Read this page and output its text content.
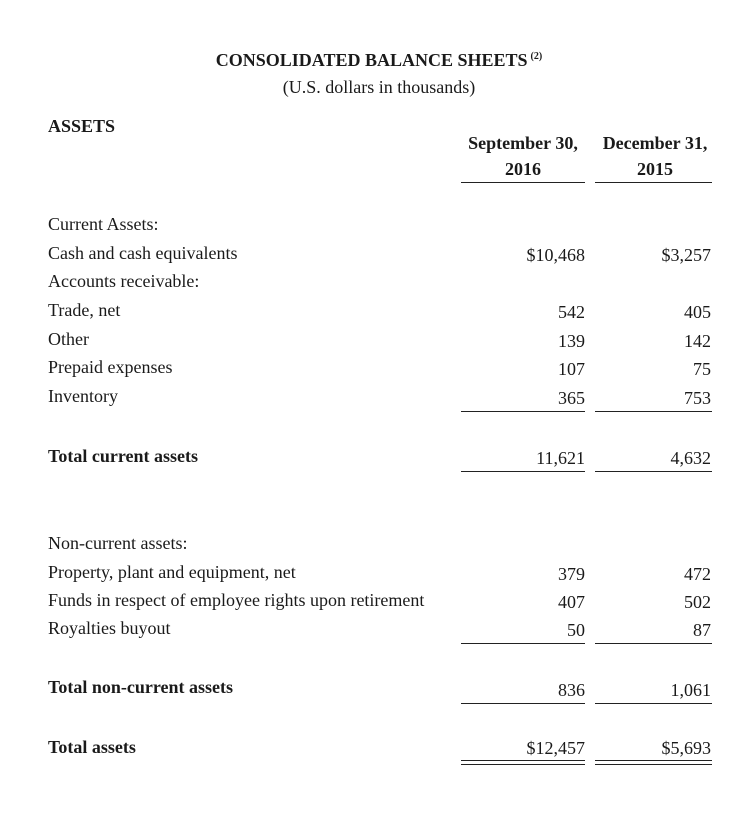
CONSOLIDATED BALANCE SHEETS $^{(2)}$
(U.S. dollars in thousands)
ASSETS
September 30,
2016
December 31,
2015
Current Assets:
Cash and cash equivalents	$10,468	$3,257
Accounts receivable:
Trade, net	542	405
Other	139	142
Prepaid expenses	107	75
Inventory	365	753
Total current assets	11,621	4,632
Non-current assets:
Property, plant and equipment, net	379	472
Funds in respect of employee rights upon retirement	407	502
Royalties buyout	50	87
Total non-current assets	836	1,061
Total assets	$12,457	$5,693
